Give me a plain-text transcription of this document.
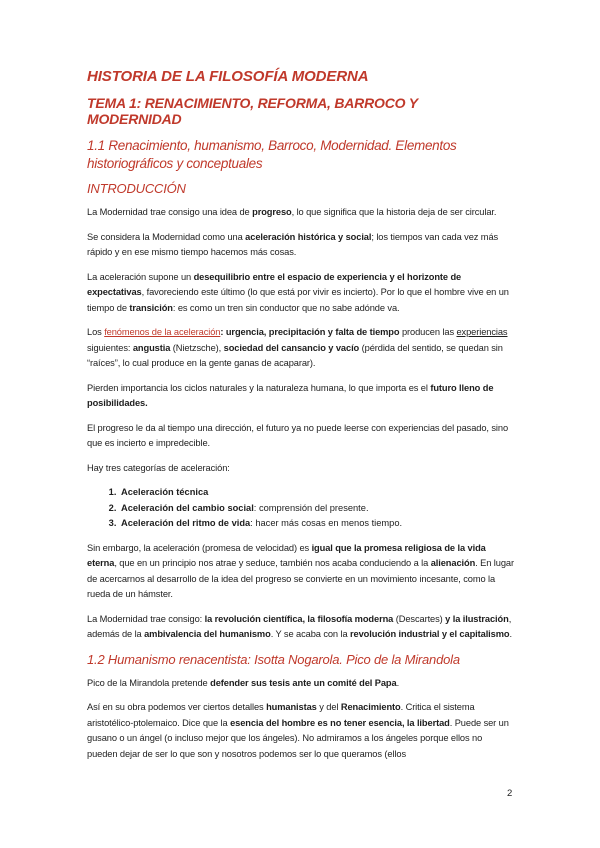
HISTORIA DE LA FILOSOFÍA MODERNA
TEMA 1: RENACIMIENTO, REFORMA, BARROCO Y MODERNIDAD
1.1 Renacimiento, humanismo, Barroco, Modernidad. Elementos historiográficos y conceptuales
INTRODUCCIÓN

La Modernidad trae consigo una idea de progreso, lo que significa que la historia deja de ser circular.

Se considera la Modernidad como una aceleración histórica y social; los tiempos van cada vez más rápido y en ese mismo tiempo hacemos más cosas.

La aceleración supone un desequilibrio entre el espacio de experiencia y el horizonte de expectativas, favoreciendo este último (lo que está por vivir es incierto). Por lo que el hombre vive en un tiempo de transición: es como un tren sin conductor que no sabe adónde va.

Los fenómenos de la aceleración: urgencia, precipitación y falta de tiempo producen las experiencias siguientes: angustia (Nietzsche), sociedad del cansancio y vacío (pérdida del sentido, se quedan sin “raíces”, lo cual produce en la gente ganas de acaparar).

Pierden importancia los ciclos naturales y la naturaleza humana, lo que importa es el futuro lleno de posibilidades.

El progreso le da al tiempo una dirección, el futuro ya no puede leerse con experiencias del pasado, sino que es incierto e impredecible.

Hay tres categorías de aceleración:

1. Aceleración técnica
2. Aceleración del cambio social: comprensión del presente.
3. Aceleración del ritmo de vida: hacer más cosas en menos tiempo.

Sin embargo, la aceleración (promesa de velocidad) es igual que la promesa religiosa de la vida eterna, que en un principio nos atrae y seduce, también nos acaba conduciendo a la alienación. En lugar de acercarnos al desarrollo de la idea del progreso se convierte en un movimiento incesante, como la rueda de un hámster.

La Modernidad trae consigo: la revolución científica, la filosofía moderna (Descartes) y la ilustración, además de la ambivalencia del humanismo. Y se acaba con la revolución industrial y el capitalismo.

1.2 Humanismo renacentista: Isotta Nogarola. Pico de la Mirandola

Pico de la Mirandola pretende defender sus tesis ante un comité del Papa.

Así en su obra podemos ver ciertos detalles humanistas y del Renacimiento. Critica el sistema aristotélico-ptolemaico. Dice que la esencia del hombre es no tener esencia, la libertad. Puede ser un gusano o un ángel (o incluso mejor que los ángeles). No admiramos a los ángeles porque ellos no pueden dejar de ser lo que son y nosotros podemos ser lo que queramos (ellos

2
